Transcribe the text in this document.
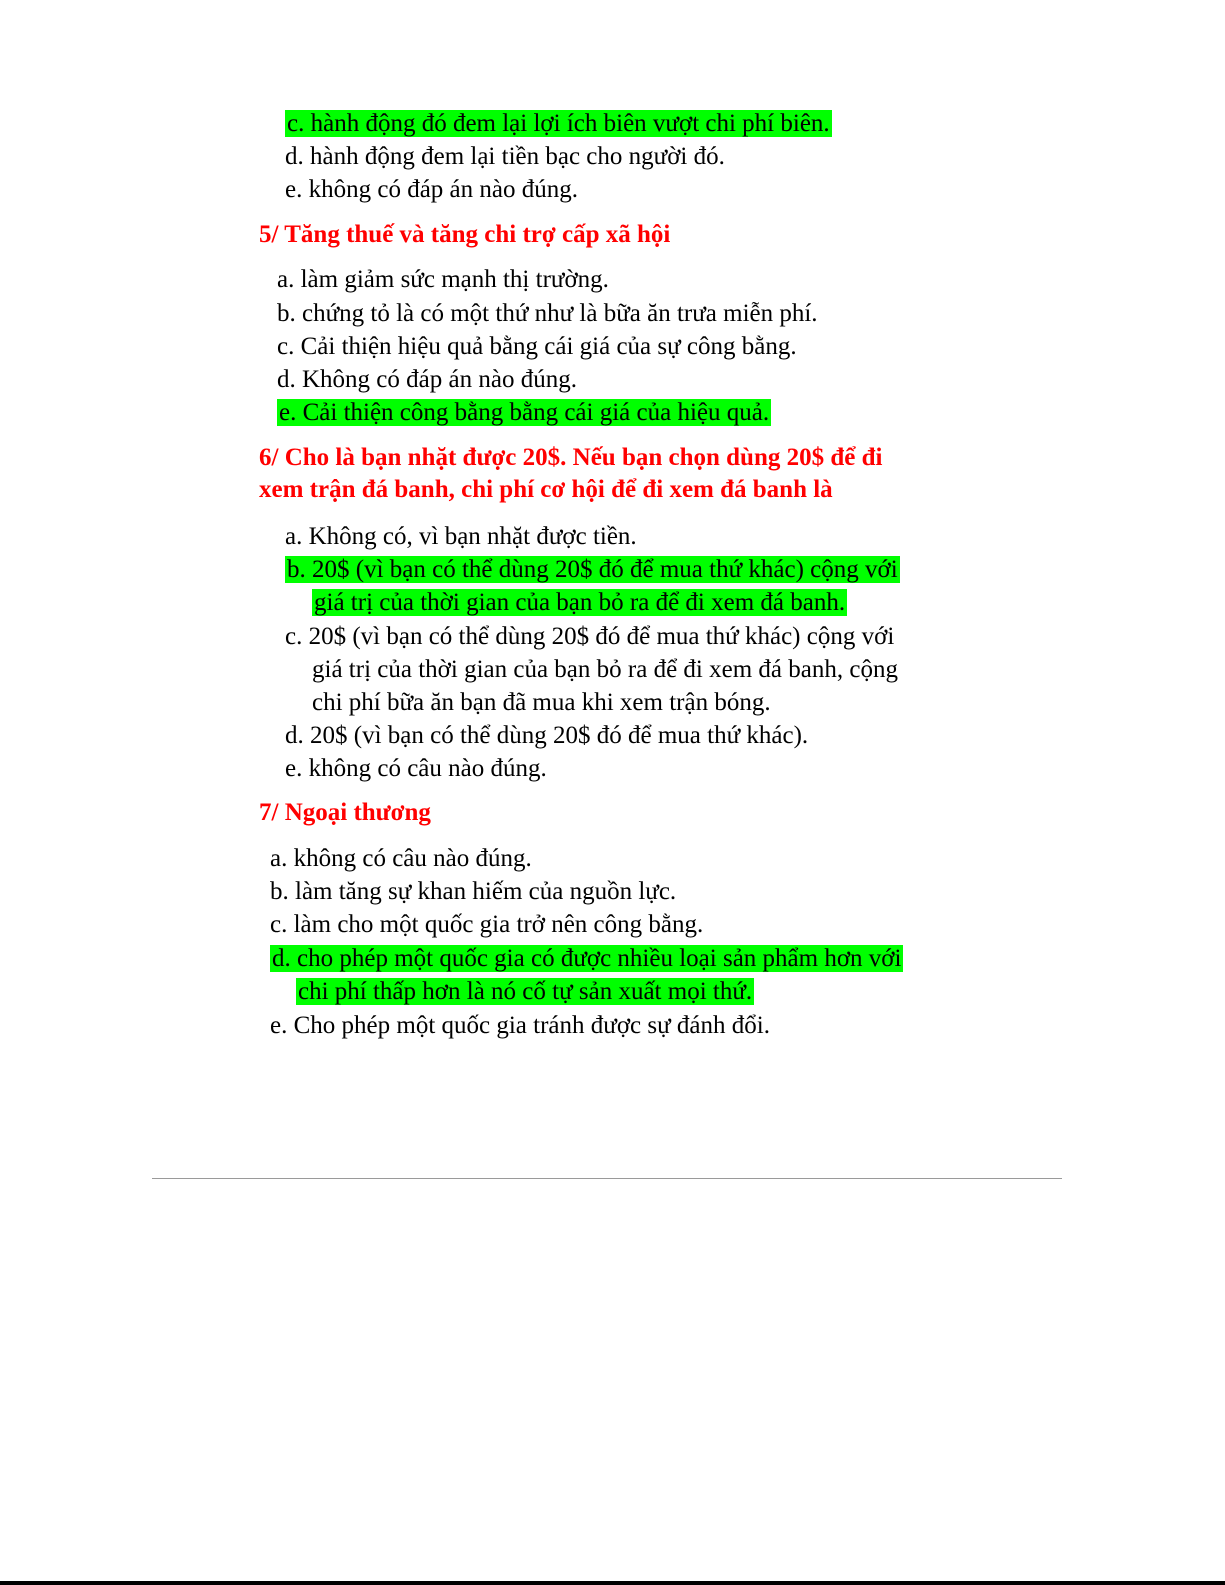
c. hành động đó đem lại lợi ích biên vượt chi phí biên.
d. hành động đem lại tiền bạc cho người đó.
e. không có đáp án nào đúng.
5/ Tăng thuế và tăng chi trợ cấp xã hội
a. làm giảm sức mạnh thị trường.
b. chứng tỏ là có một thứ như là bữa ăn trưa miễn phí.
c. Cải thiện hiệu quả bằng cái giá của sự công bằng.
d. Không có đáp án nào đúng.
e. Cải thiện công bằng bằng cái giá của hiệu quả.
6/ Cho là bạn nhặt được 20$. Nếu bạn chọn dùng 20$ để đi
xem trận đá banh, chi phí cơ hội để đi xem đá banh là
a. Không có, vì bạn nhặt được tiền.
b. 20$ (vì bạn có thể dùng 20$ đó để mua thứ khác) cộng với
giá trị của thời gian của bạn bỏ ra để đi xem đá banh.
c. 20$ (vì bạn có thể dùng 20$ đó để mua thứ khác) cộng với
giá trị của thời gian của bạn bỏ ra để đi xem đá banh, cộng
chi phí bữa ăn bạn đã mua khi xem trận bóng.
d. 20$ (vì bạn có thể dùng 20$ đó để mua thứ khác).
e. không có câu nào đúng.
7/ Ngoại thương
a. không có câu nào đúng.
b. làm tăng sự khan hiếm của nguồn lực.
c. làm cho một quốc gia trở nên công bằng.
d. cho phép một quốc gia có được nhiều loại sản phẩm hơn với
chi phí thấp hơn là nó cố tự sản xuất mọi thứ.
e. Cho phép một quốc gia tránh được sự đánh đổi.
